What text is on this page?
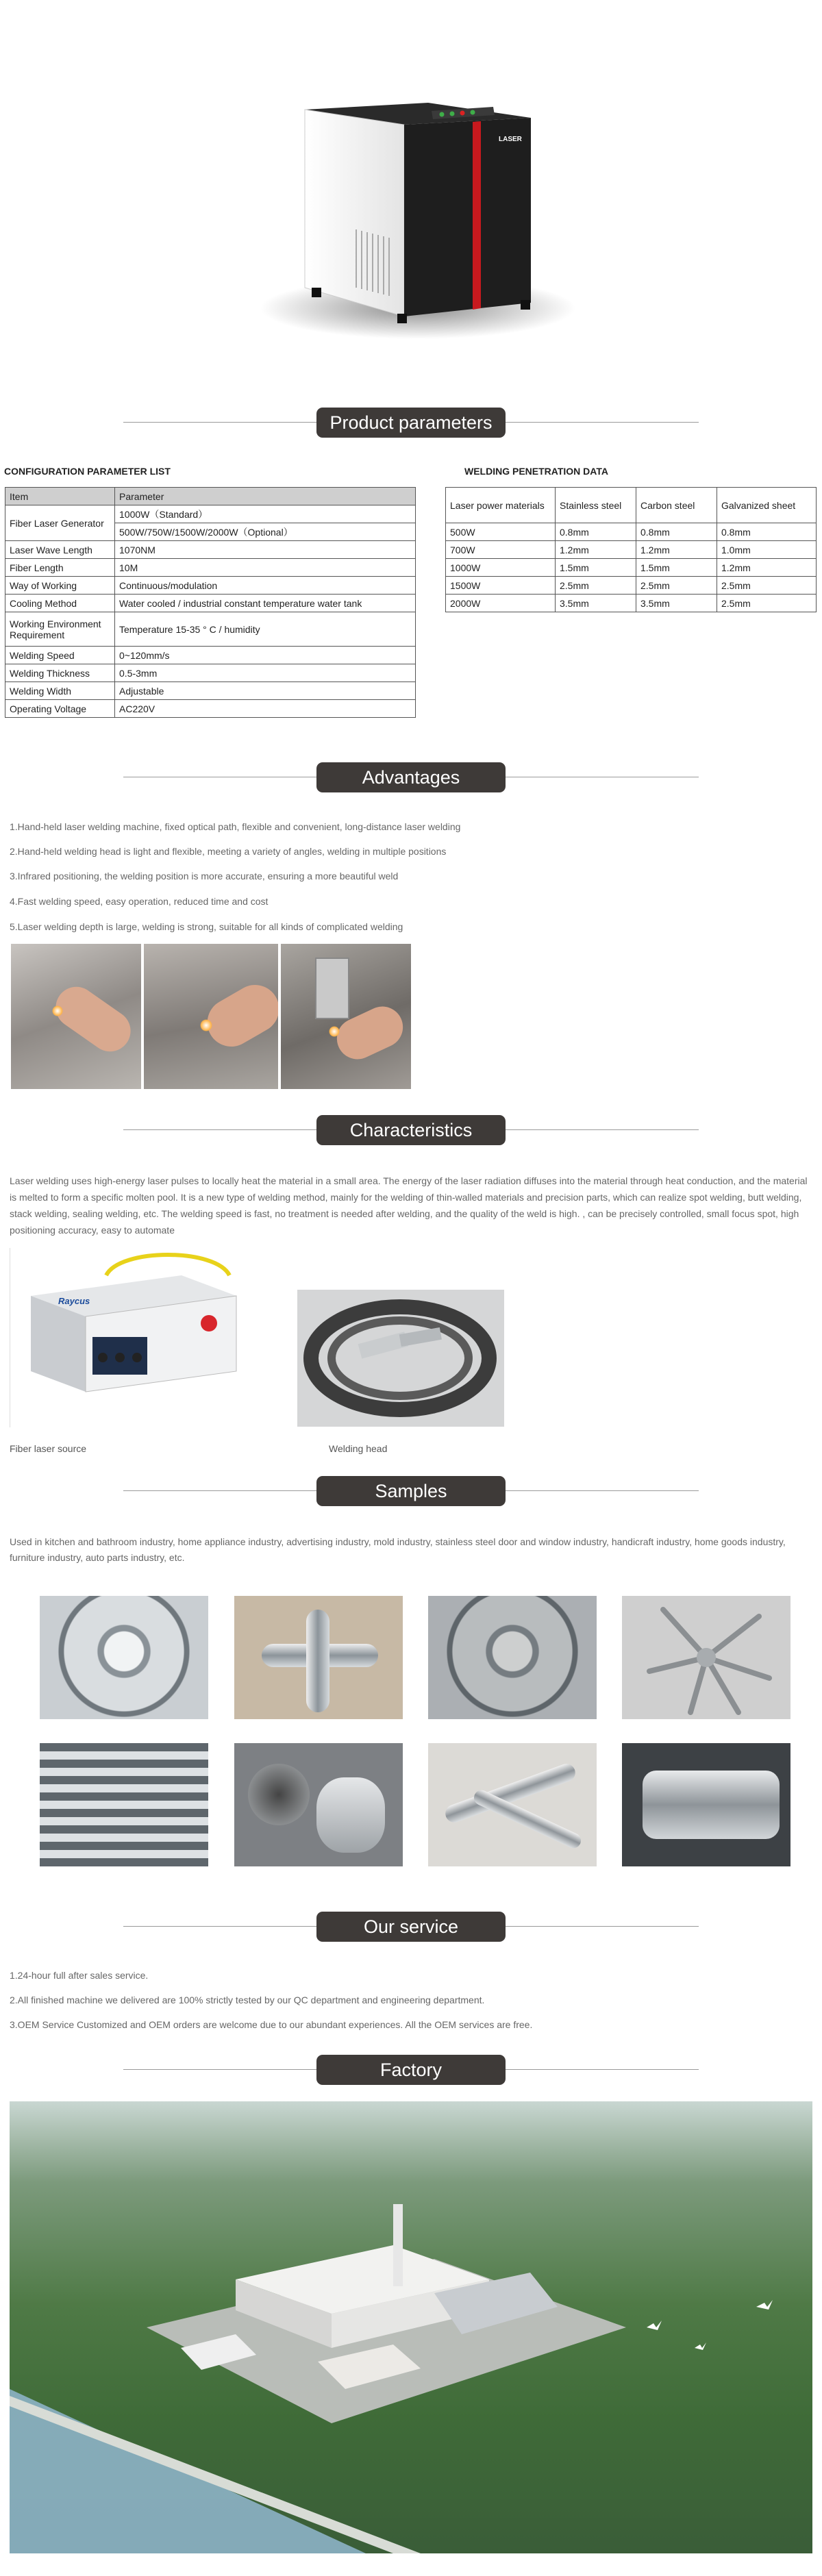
LASER
Product parameters
CONFIGURATION PARAMETER LIST
Item	Parameter
Fiber Laser Generator	1000W（Standard）
	500W/750W/1500W/2000W（Optional）
Laser Wave Length	1070NM
Fiber Length	10M
Way of Working	Continuous/modulation
Cooling Method	Water cooled / industrial constant temperature water tank
Working Environment Requirement	Temperature 15-35 ° C / humidity
Welding Speed	0~120mm/s
Welding Thickness	0.5-3mm
Welding Width	Adjustable
Operating Voltage	AC220V
WELDING PENETRATION DATA
Laser power materials	Stainless steel	Carbon steel	Galvanized sheet
500W	0.8mm	0.8mm	0.8mm
700W	1.2mm	1.2mm	1.0mm
1000W	1.5mm	1.5mm	1.2mm
1500W	2.5mm	2.5mm	2.5mm
2000W	3.5mm	3.5mm	2.5mm
Advantages
1.Hand-held laser welding machine, fixed optical path, flexible and convenient, long-distance laser welding
2.Hand-held welding head is light and flexible, meeting a variety of angles, welding in multiple positions
3.Infrared positioning, the welding position is more accurate, ensuring a more beautiful weld
4.Fast welding speed, easy operation, reduced time and cost
5.Laser welding depth is large, welding is strong, suitable for all kinds of complicated welding
Characteristics
Laser welding uses high-energy laser pulses to locally heat the material in a small area. The energy of the laser radiation diffuses into the material through heat conduction, and the material is melted to form a specific molten pool. It is a new type of welding method, mainly for the welding of thin-walled materials and precision parts, which can realize spot welding, butt welding, stack welding, sealing welding, etc. The welding speed is fast, no treatment is needed after welding, and the quality of the weld is high. , can be precisely controlled, small focus spot, high positioning accuracy, easy to automate
Raycus
Fiber laser source	Welding head
Samples
Used in kitchen and bathroom industry, home appliance industry, advertising industry, mold industry, stainless steel door and window industry, handicraft industry, home goods industry, furniture industry, auto parts industry, etc.
Our service
1.24-hour full after sales service.
2.All finished machine we delivered are 100% strictly tested by our QC department and engineering department.
3.OEM Service Customized and OEM orders are welcome due to our abundant experiences. All the OEM services are free.
Factory
